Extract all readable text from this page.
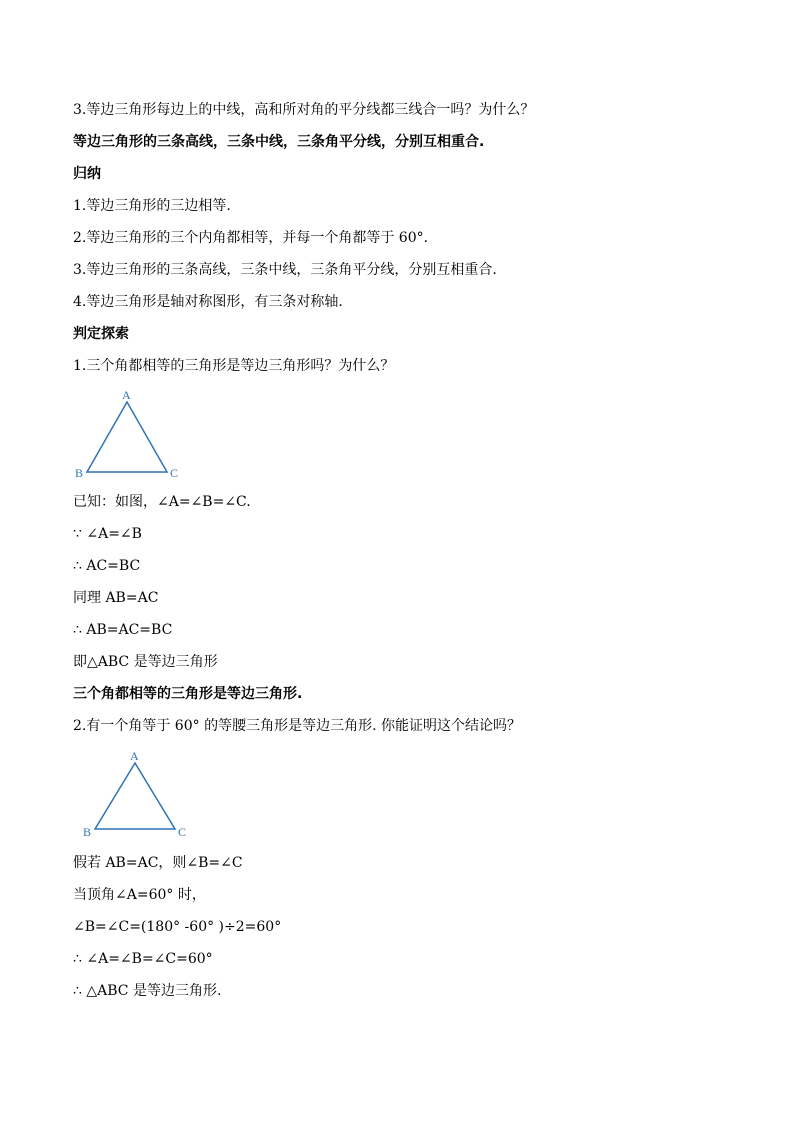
3.等边三角形每边上的中线，高和所对角的平分线都三线合一吗？为什么？
等边三角形的三条高线，三条中线，三条角平分线，分别互相重合.
归纳
1.等边三角形的三边相等.
2.等边三角形的三个内角都相等，并每一个角都等于 60°．
3.等边三角形的三条高线，三条中线，三条角平分线，分别互相重合.
4.等边三角形是轴对称图形，有三条对称轴.
判定探索
1.三个角都相等的三角形是等边三角形吗？为什么？
A
B	C
已知：如图，∠A=∠B=∠C.
∵ ∠A=∠B
∴ AC=BC
同理 AB=AC
∴ AB=AC=BC
即△ABC 是等边三角形
三个角都相等的三角形是等边三角形.
2.有一个角等于 60° 的等腰三角形是等边三角形. 你能证明这个结论吗？
A
B	C
假若 AB=AC，则∠B=∠C
当顶角∠A=60° 时，
∠B=∠C=(180° -60° )÷2=60°
∴ ∠A=∠B=∠C=60°
∴ △ABC 是等边三角形.
